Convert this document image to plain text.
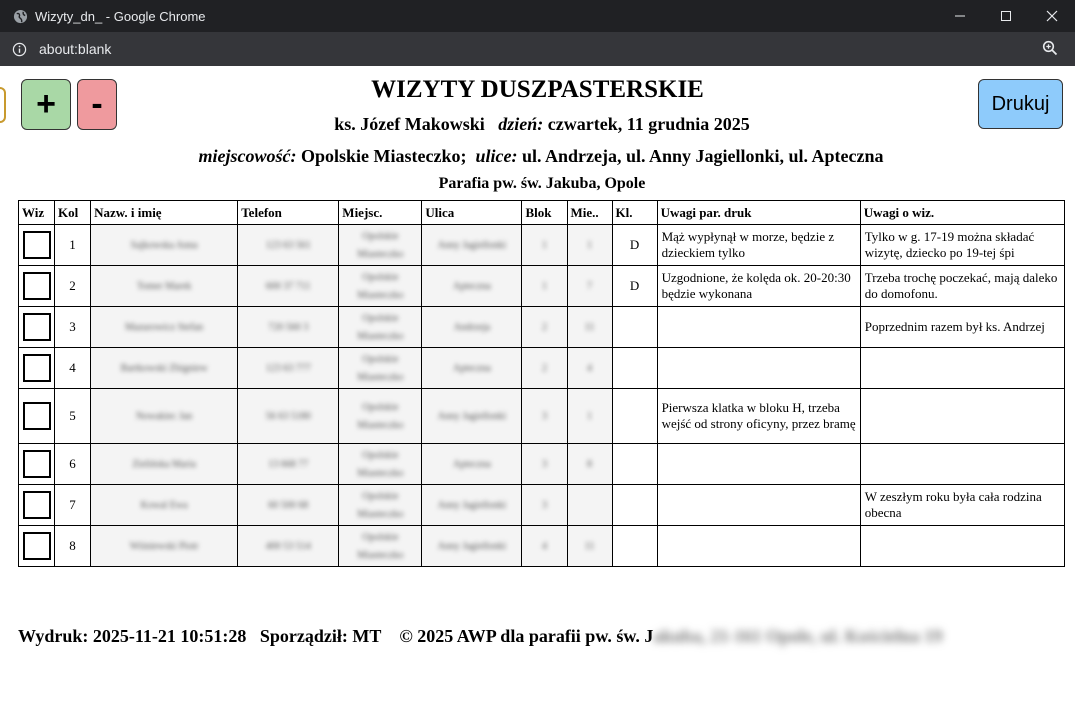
Wizyty_dn_ - Google Chrome
about:blank
+	-	Drukuj
WIZYTY DUSZPASTERSKIE
ks. Józef Makowski dzień: czwartek, 11 grudnia 2025
miejscowość: Opolskie Miasteczko; ulice: ul. Andrzeja, ul. Anny Jagiellonki, ul. Apteczna
Parafia pw. św. Jakuba, Opole
Wiz	Kol	Nazw. i imię	Telefon	Miejsc.	Ulica	Blok	Mie..	Kl.	Uwagi par. druk	Uwagi o wiz.

	1	Sajkowska Anna	123 63 561	Opolskie Miasteczko	Anny Jagiellonki	1	1	D	Mąż wypłynął w morze, będzie z dzieckiem tylko	Tylko w g. 17-19 można składać wizytę, dziecko po 19-tej śpi

	2	Tomer Marek	600 37 711	Opolskie Miasteczko	Apteczna	1	7	D	Uzgodnione, że kolęda ok. 20-20:30 będzie wykonana	Trzeba trochę poczekać, mają daleko do domofonu.

	3	Mazurowicz Stefan	720 560 3	Opolskie Miasteczko	Andrzeja	2	11			Poprzednim razem był ks. Andrzej

	4	Bartkowski Zbigniew	123 63 777	Opolskie Miasteczko	Apteczna	2	4			

	5	Nowakiec Jan	56 63 5180	Opolskie Miasteczko	Anny Jagiellonki	3	1		Pierwsza klatka w bloku H, trzeba wejść od strony oficyny, przez bramę	

	6	Zielińska Maria	13 668 77	Opolskie Miasteczko	Apteczna	3	8			

	7	Kowal Ewa	60 500 68	Opolskie Miasteczko	Anny Jagiellonki	3				W zeszłym roku była cała rodzina obecna

	8	Wiśniewski Piotr	400 53 514	Opolskie Miasteczko	Anny Jagiellonki	4	11			
Wydruk: 2025-11-21 10:51:28 Sporządził: MT © 2025 AWP dla parafii pw. św. Jakuba, 21-161 Opole, ul. Kościelna 19
